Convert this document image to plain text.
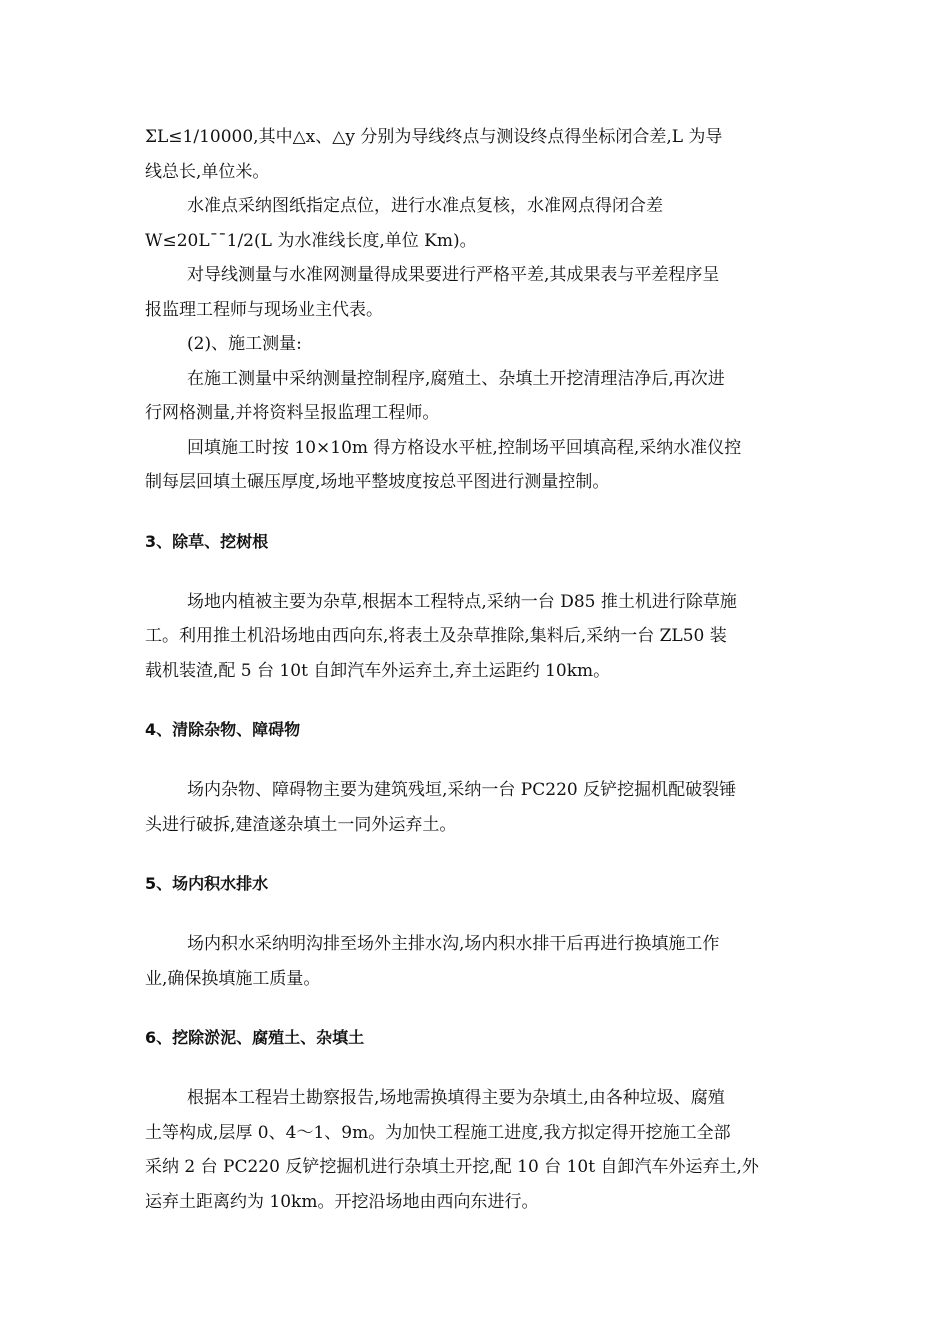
ΣL≤1/10000,其中△x、△y 分别为导线终点与测设终点得坐标闭合差,L 为导
线总长,单位米。

水准点采纳图纸指定点位，进行水准点复核，水准网点得闭合差
W≤20L¯¯1/2(L 为水准线长度,单位 Km)。

对导线测量与水准网测量得成果要进行严格平差,其成果表与平差程序呈
报监理工程师与现场业主代表。

(2)、施工测量:

在施工测量中采纳测量控制程序,腐殖土、杂填土开挖清理洁净后,再次进
行网格测量,并将资料呈报监理工程师。

回填施工时按 10×10m 得方格设水平桩,控制场平回填高程,采纳水准仪控
制每层回填土碾压厚度,场地平整坡度按总平图进行测量控制。

3、除草、挖树根

场地内植被主要为杂草,根据本工程特点,采纳一台 D85 推土机进行除草施
工。利用推土机沿场地由西向东,将表土及杂草推除,集料后,采纳一台 ZL50 装
载机装渣,配 5 台 10t 自卸汽车外运弃土,弃土运距约 10km。

4、清除杂物、障碍物

场内杂物、障碍物主要为建筑残垣,采纳一台 PC220 反铲挖掘机配破裂锤
头进行破拆,建渣遂杂填土一同外运弃土。

5、场内积水排水

场内积水采纳明沟排至场外主排水沟,场内积水排干后再进行换填施工作
业,确保换填施工质量。

6、挖除淤泥、腐殖土、杂填土

根据本工程岩土勘察报告,场地需换填得主要为杂填土,由各种垃圾、腐殖
土等构成,层厚 0、4～1、9m。为加快工程施工进度,我方拟定得开挖施工全部
采纳 2 台 PC220 反铲挖掘机进行杂填土开挖,配 10 台 10t 自卸汽车外运弃土,外
运弃土距离约为 10km。开挖沿场地由西向东进行。
